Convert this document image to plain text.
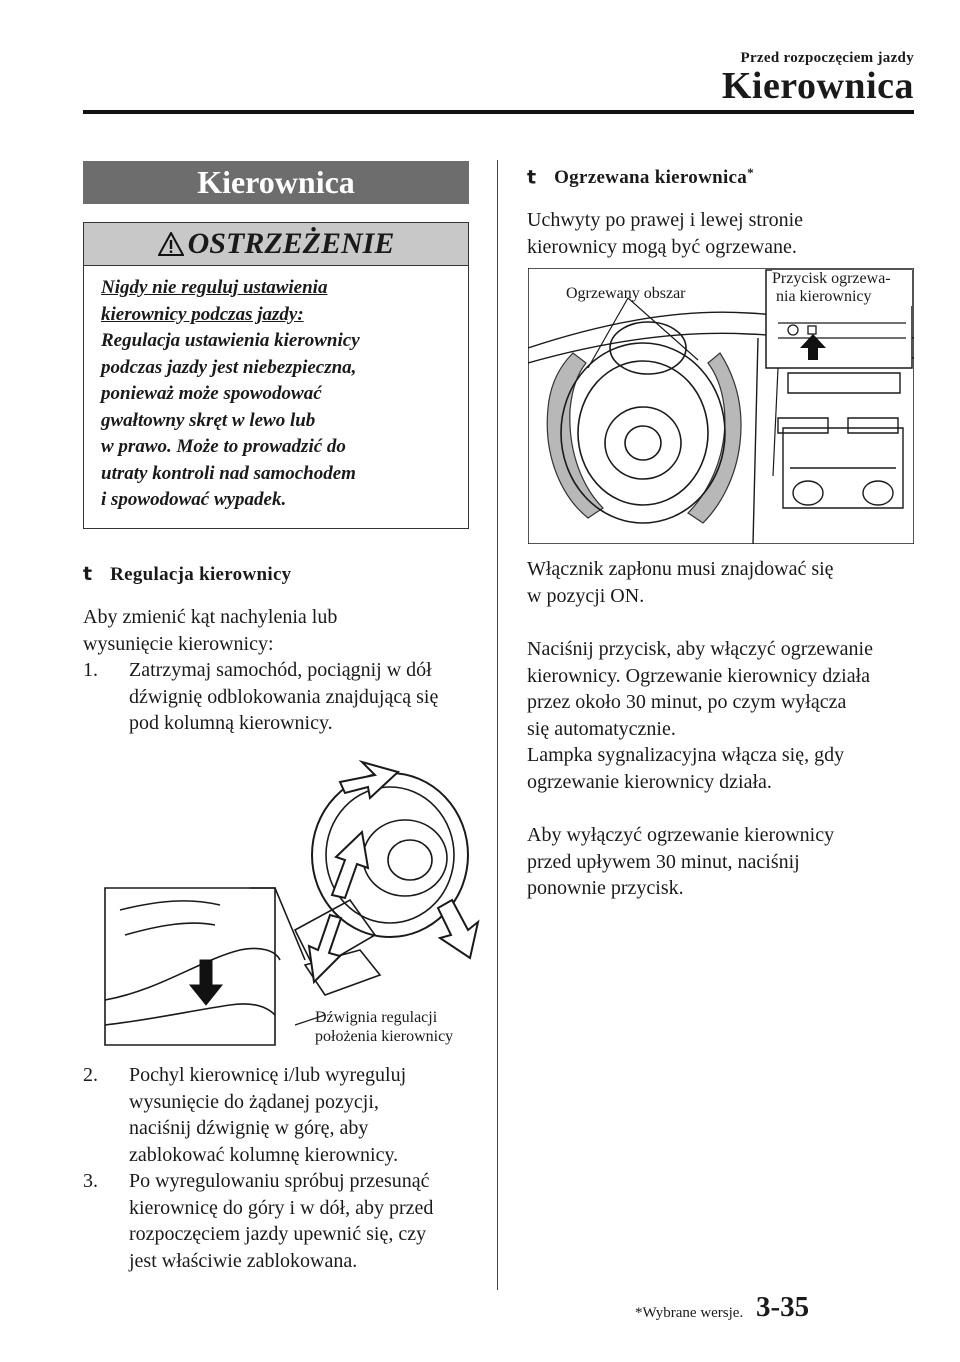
Przed rozpoczęciem jazdy
Kierownica
Kierownica
OSTRZEŻENIE
Nigdy nie reguluj ustawienia
kierownicy podczas jazdy:
Regulacja ustawienia kierownicy
podczas jazdy jest niebezpieczna,
ponieważ może spowodować
gwałtowny skręt w lewo lub
w prawo. Może to prowadzić do
utraty kontroli nad samochodem
i spowodować wypadek.
t Regulacja kierownicy
Aby zmienić kąt nachylenia lub
wysunięcie kierownicy:
1. Zatrzymaj samochód, pociągnij w dół
dźwignię odblokowania znajdującą się
pod kolumną kierownicy.
Dźwignia regulacji
położenia kierownicy
2. Pochyl kierownicę i/lub wyreguluj
wysunięcie do żądanej pozycji,
naciśnij dźwignię w górę, aby
zablokować kolumnę kierownicy.
3. Po wyregulowaniu spróbuj przesunąć
kierownicę do góry i w dół, aby przed
rozpoczęciem jazdy upewnić się, czy
jest właściwie zablokowana.
t Ogrzewana kierownica*
Uchwyty po prawej i lewej stronie
kierownicy mogą być ogrzewane.
Ogrzewany obszar
Przycisk ogrzewa-
nia kierownicy
Włącznik zapłonu musi znajdować się
w pozycji ON.
Naciśnij przycisk, aby włączyć ogrzewanie
kierownicy. Ogrzewanie kierownicy działa
przez około 30 minut, po czym wyłącza
się automatycznie.
Lampka sygnalizacyjna włącza się, gdy
ogrzewanie kierownicy działa.
Aby wyłączyć ogrzewanie kierownicy
przed upływem 30 minut, naciśnij
ponownie przycisk.
*Wybrane wersje. 3-35
